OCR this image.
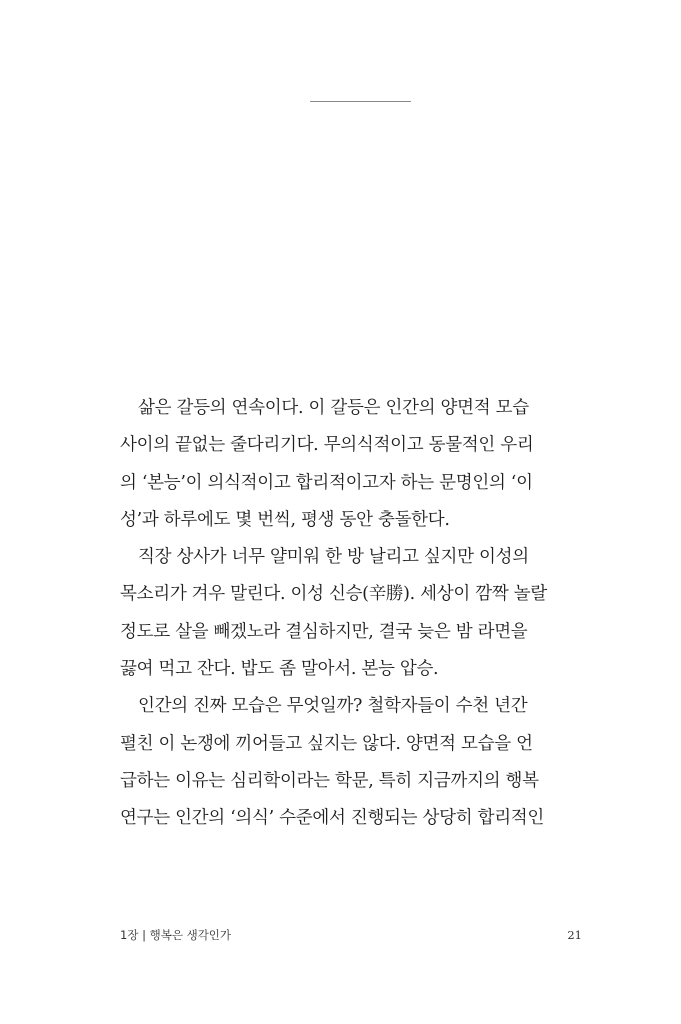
삶은 갈등의 연속이다. 이 갈등은 인간의 양면적 모습
사이의 끝없는 줄다리기다. 무의식적이고 동물적인 우리
의 ‘본능’이 의식적이고 합리적이고자 하는 문명인의 ‘이
성’과 하루에도 몇 번씩, 평생 동안 충돌한다.
직장 상사가 너무 얄미워 한 방 날리고 싶지만 이성의
목소리가 겨우 말린다. 이성 신승(辛勝). 세상이 깜짝 놀랄
정도로 살을 빼겠노라 결심하지만, 결국 늦은 밤 라면을
끓여 먹고 잔다. 밥도 좀 말아서. 본능 압승.
인간의 진짜 모습은 무엇일까? 철학자들이 수천 년간
펼친 이 논쟁에 끼어들고 싶지는 않다. 양면적 모습을 언
급하는 이유는 심리학이라는 학문, 특히 지금까지의 행복
연구는 인간의 ‘의식’ 수준에서 진행되는 상당히 합리적인
1장 | 행복은 생각인가	21
